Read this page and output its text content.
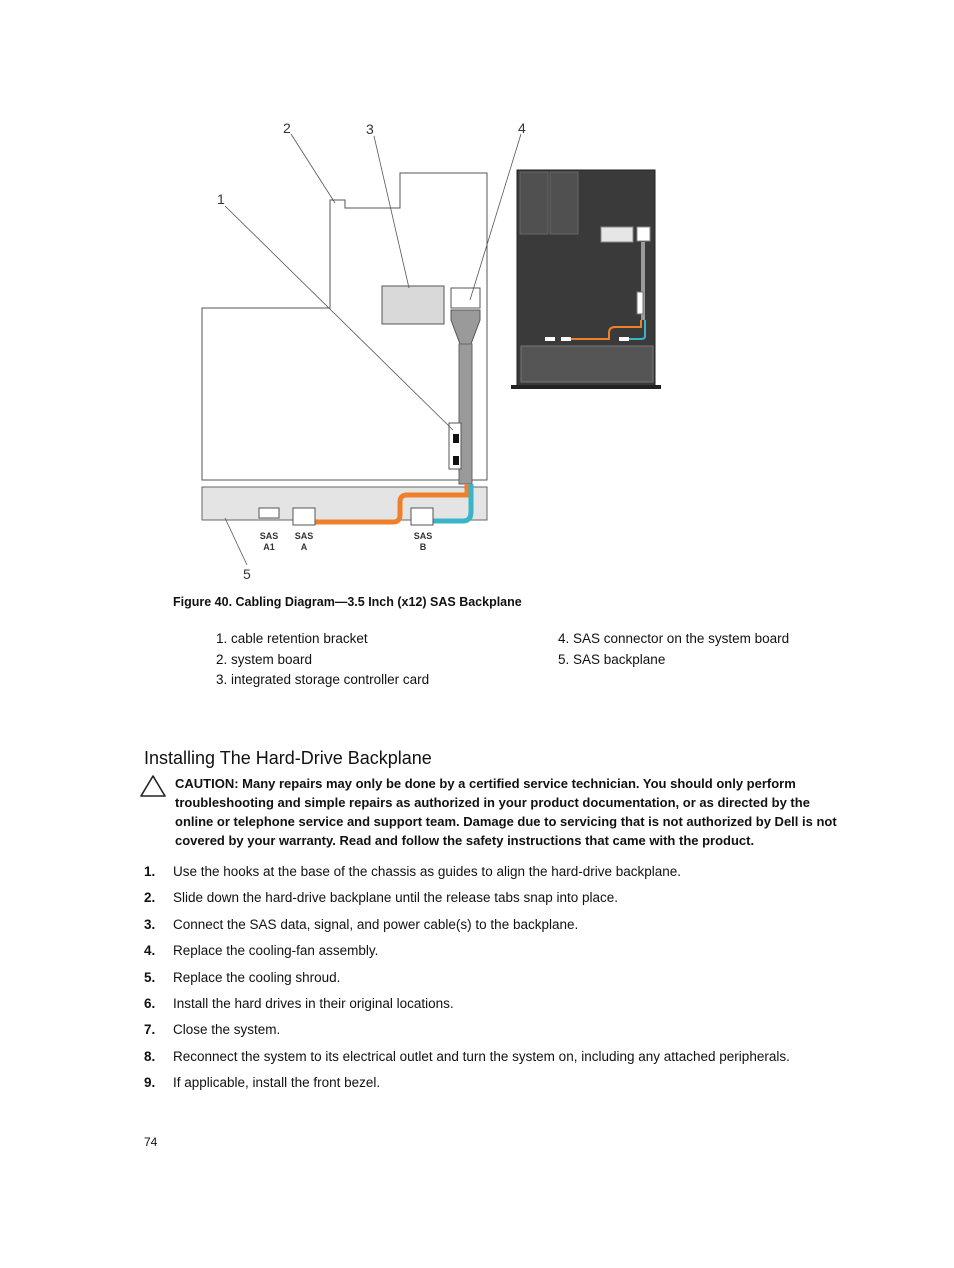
SAS
A1
SAS
A
SAS
B
1
2	3	4
5
Figure 40. Cabling Diagram—3.5 Inch (x12) SAS Backplane
1. cable retention bracket
2. system board
3. integrated storage controller card
4. SAS connector on the system board
5. SAS backplane
Installing The Hard-Drive Backplane
CAUTION: Many repairs may only be done by a certified service technician. You should only perform troubleshooting and simple repairs as authorized in your product documentation, or as directed by the online or telephone service and support team. Damage due to servicing that is not authorized by Dell is not covered by your warranty. Read and follow the safety instructions that came with the product.
1. Use the hooks at the base of the chassis as guides to align the hard-drive backplane.
2. Slide down the hard-drive backplane until the release tabs snap into place.
3. Connect the SAS data, signal, and power cable(s) to the backplane.
4. Replace the cooling-fan assembly.
5. Replace the cooling shroud.
6. Install the hard drives in their original locations.
7. Close the system.
8. Reconnect the system to its electrical outlet and turn the system on, including any attached peripherals.
9. If applicable, install the front bezel.
74
